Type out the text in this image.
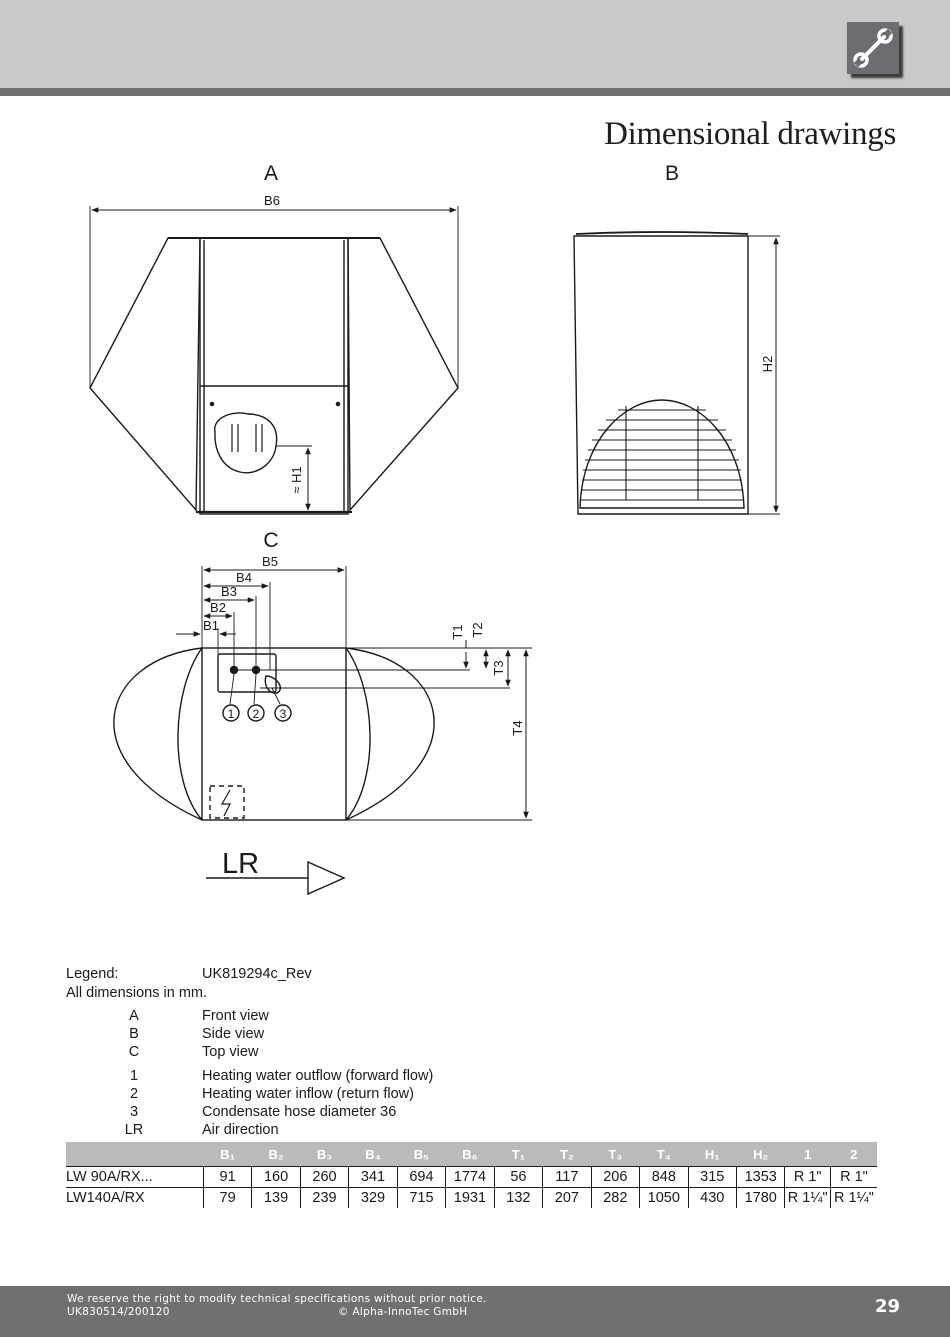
Dimensional drawings
A	B
C
B6
B5
B4
B3
B2
B1	T1 T2
T3
T4
≈ H1
H2
1 2 3
LR
Legend:	UK819294c_Rev
All dimensions in mm.
A	Front view
B	Side view
C	Top view
1	Heating water outflow (forward flow)
2	Heating water inflow (return flow)
3	Condensate hose diameter 36
LR	Air direction
	B₁	B₂	B₃	B₄	B₅	B₆	T₁	T₂	T₃	T₄	H₁	H₂	1	2
LW 90A/RX...	91	160	260	341	694	1774	56	117	206	848	315	1353	R 1"	R 1"
LW140A/RX	79	139	239	329	715	1931	132	207	282	1050	430	1780	R 1¼"	R 1¼"
We reserve the right to modify technical specifications without prior notice.
UK830514/200120	© Alpha-InnoTec GmbH	29
